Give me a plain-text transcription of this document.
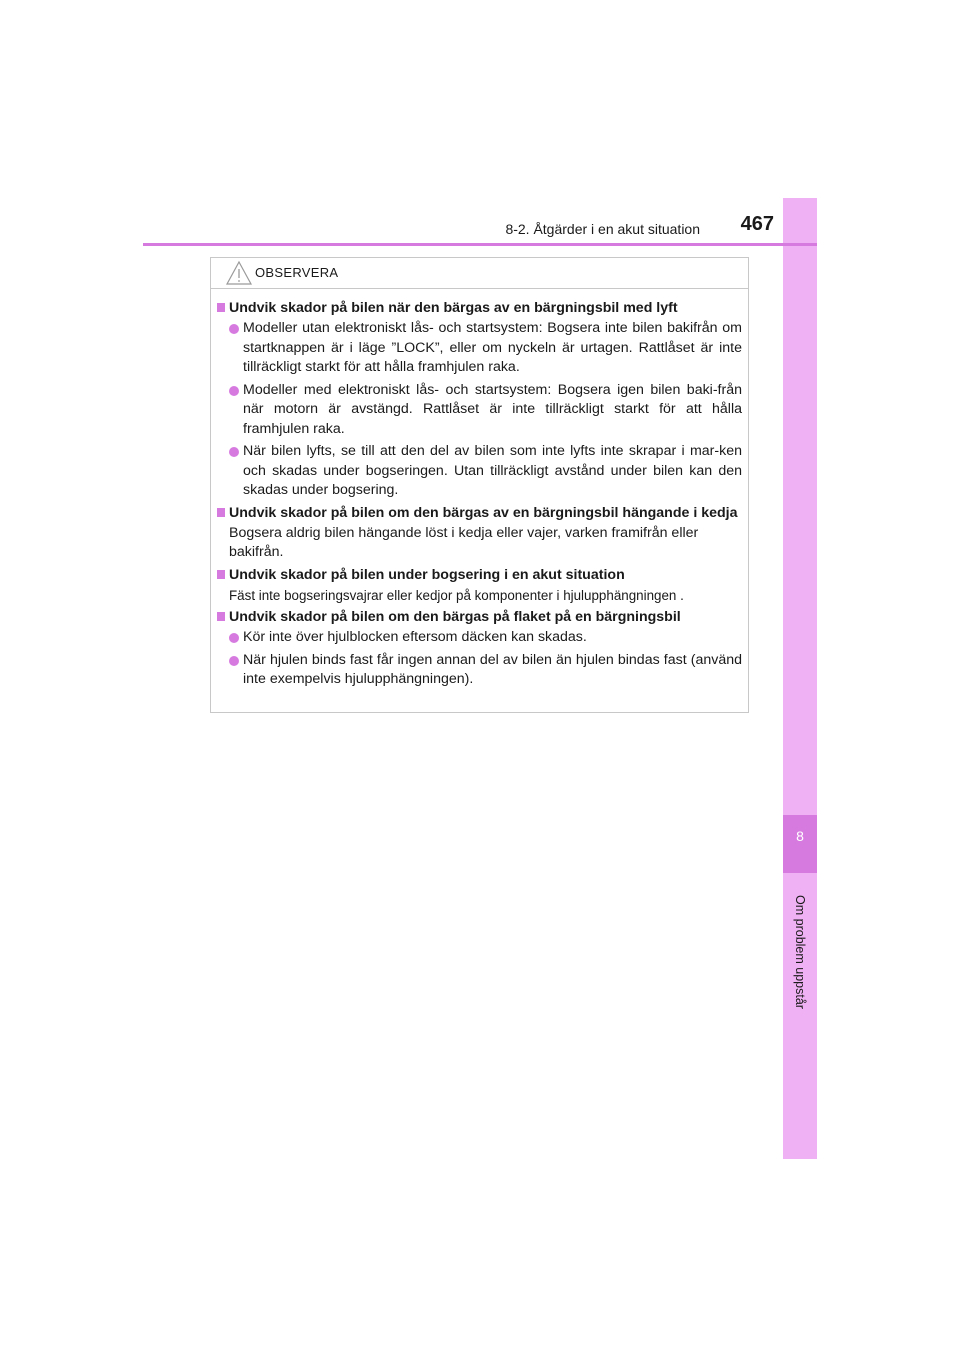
8
Om problem uppstår
8-2. Åtgärder i en akut situation	467
OBSERVERA
Undvik skador på bilen när den bärgas av en bärgningsbil med lyft
Modeller utan elektroniskt lås- och startsystem: Bogsera inte bilen bakifrån om startknappen är i läge ”LOCK”, eller om nyckeln är urtagen. Rattlåset är inte tillräckligt starkt för att hålla framhjulen raka.
Modeller med elektroniskt lås- och startsystem: Bogsera igen bilen baki-från när motorn är avstängd. Rattlåset är inte tillräckligt starkt för att hålla framhjulen raka.
När bilen lyfts, se till att den del av bilen som inte lyfts inte skrapar i mar-ken och skadas under bogseringen. Utan tillräckligt avstånd under bilen kan den skadas under bogsering.
Undvik skador på bilen om den bärgas av en bärgningsbil hängande i kedja
Bogsera aldrig bilen hängande löst i kedja eller vajer, varken framifrån eller bakifrån.
Undvik skador på bilen under bogsering i en akut situation
Fäst inte bogseringsvajrar eller kedjor på komponenter i hjulupphängningen .
Undvik skador på bilen om den bärgas på flaket på en bärgningsbil
Kör inte över hjulblocken eftersom däcken kan skadas.
När hjulen binds fast får ingen annan del av bilen än hjulen bindas fast (använd inte exempelvis hjulupphängningen).
